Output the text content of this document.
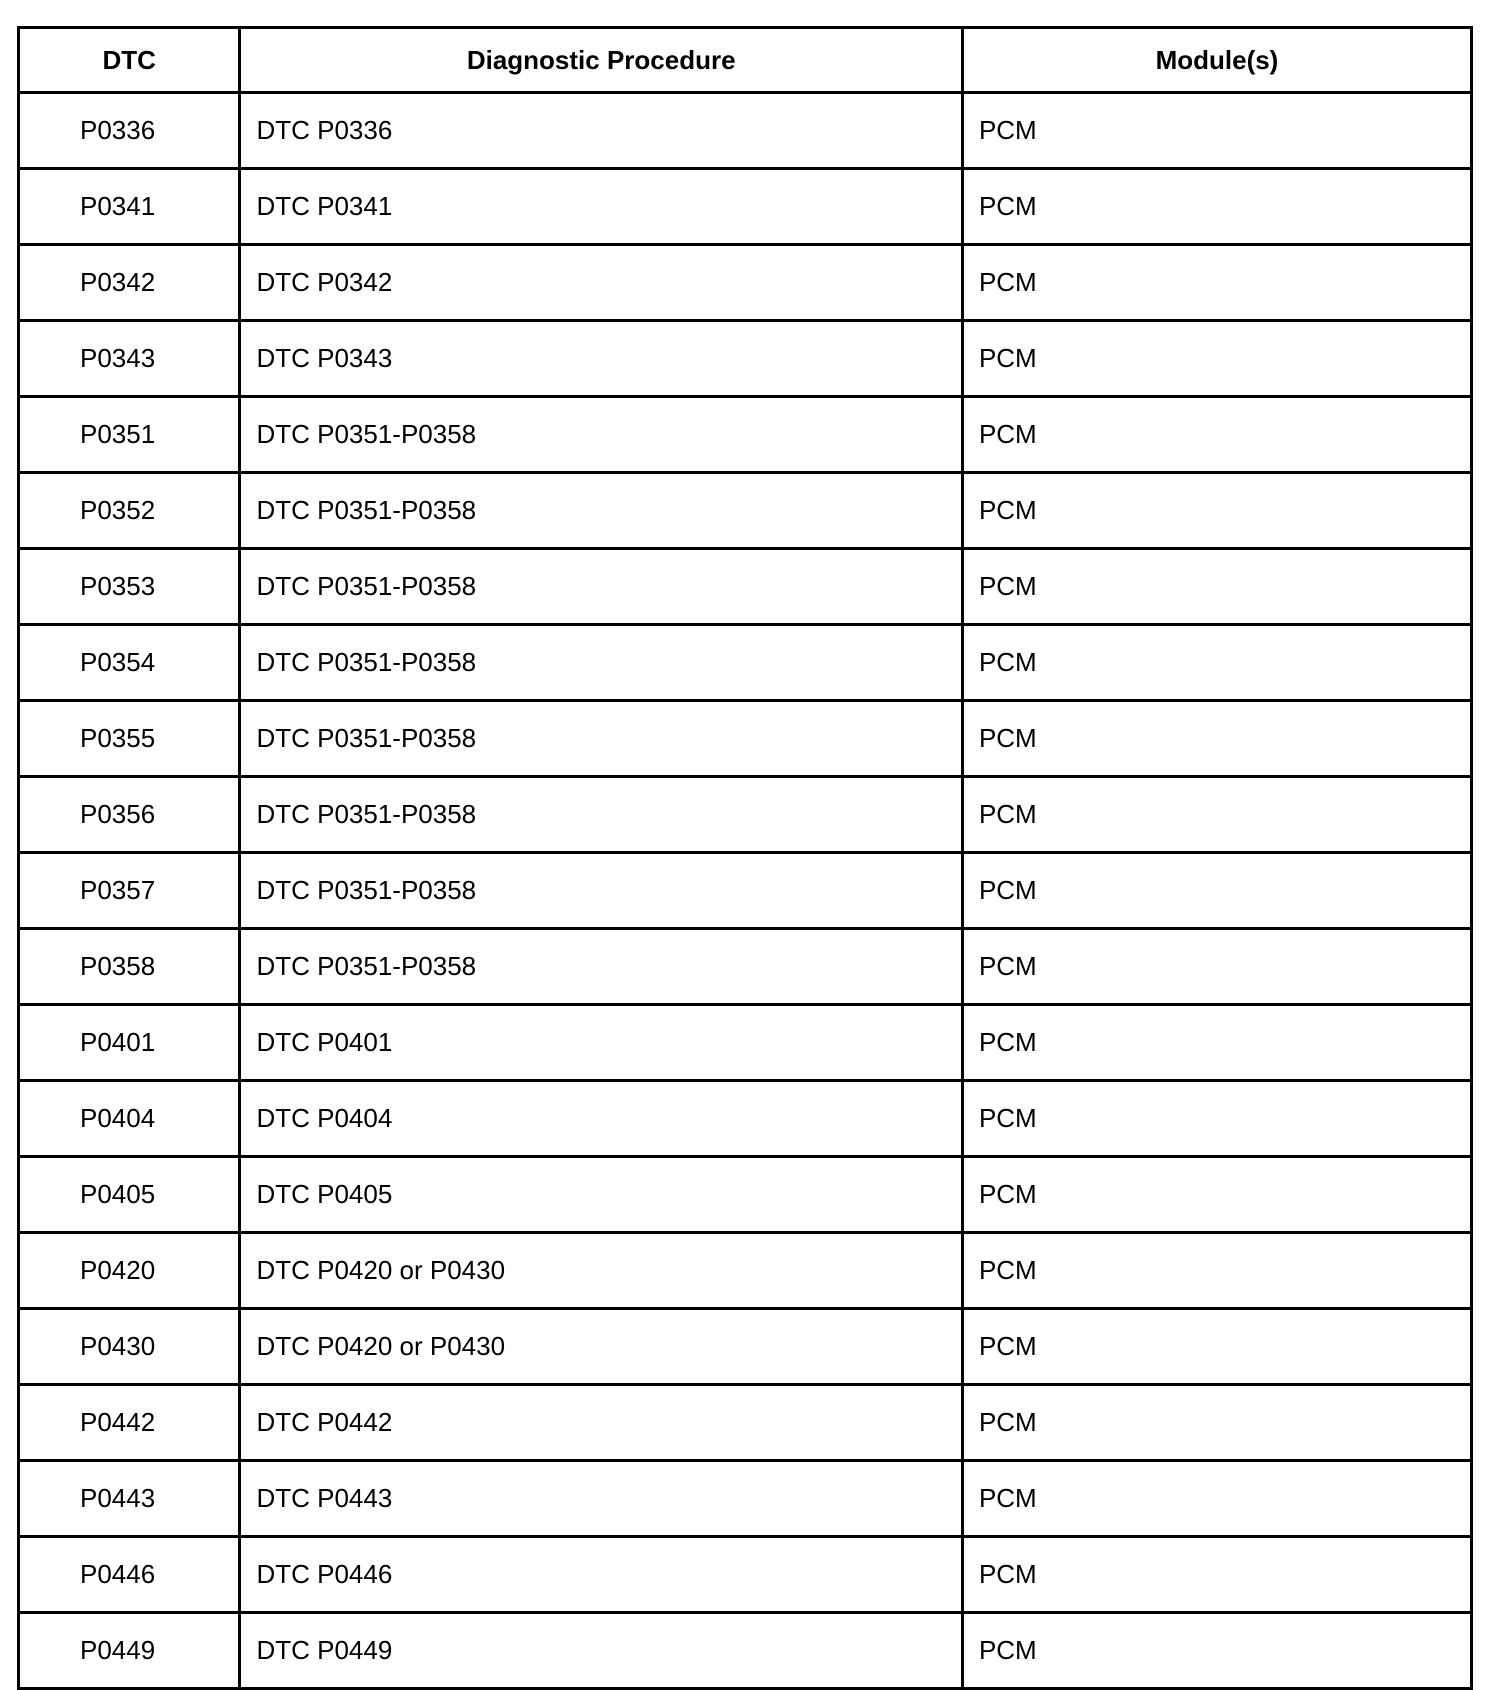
DTC	Diagnostic Procedure	Module(s)
P0336	DTC P0336	PCM
P0341	DTC P0341	PCM
P0342	DTC P0342	PCM
P0343	DTC P0343	PCM
P0351	DTC P0351-P0358	PCM
P0352	DTC P0351-P0358	PCM
P0353	DTC P0351-P0358	PCM
P0354	DTC P0351-P0358	PCM
P0355	DTC P0351-P0358	PCM
P0356	DTC P0351-P0358	PCM
P0357	DTC P0351-P0358	PCM
P0358	DTC P0351-P0358	PCM
P0401	DTC P0401	PCM
P0404	DTC P0404	PCM
P0405	DTC P0405	PCM
P0420	DTC P0420 or P0430	PCM
P0430	DTC P0420 or P0430	PCM
P0442	DTC P0442	PCM
P0443	DTC P0443	PCM
P0446	DTC P0446	PCM
P0449	DTC P0449	PCM
